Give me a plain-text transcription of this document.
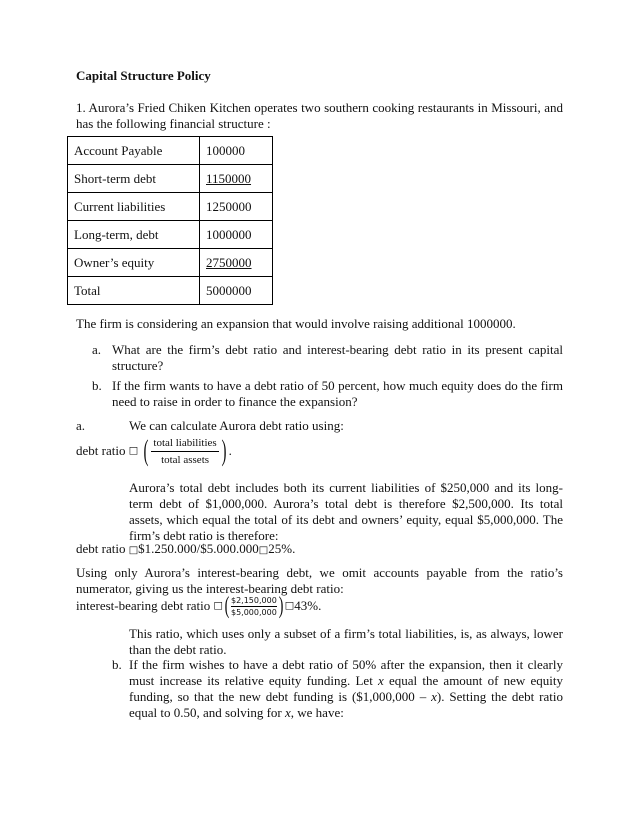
Capital Structure Policy
1. Aurora’s Fried Chiken Kitchen operates two southern cooking restaurants in Missouri, and has the following financial structure :
Account Payable	100000
Short-term debt	1150000
Current liabilities	1250000
Long-term, debt	1000000
Owner’s equity	2750000
Total	5000000
The firm is considering an expansion that would involve raising additional 1000000.
a. What are the firm’s debt ratio and interest-bearing debt ratio in its present capital structure?
b. If the firm wants to have a debt ratio of 50 percent, how much equity does do the firm need to raise in order to finance the expansion?
a.	We can calculate Aurora debt ratio using:
debt ratio □ ( $\frac{\text{total liabilities}}{\text{total assets}}$ ) .
Aurora’s total debt includes both its current liabilities of $250,000 and its long-term debt of $1,000,000. Aurora’s total debt is therefore $2,500,000. Its total assets, which equal the total of its debt and owners’ equity, equal $5,000,000. The firm’s debt ratio is therefore:
debt ratio □$1.250.000/$5.000.000□25%.
Using only Aurora’s interest-bearing debt, we omit accounts payable from the ratio’s numerator, giving us the interest-bearing debt ratio:
interest-bearing debt ratio □( $\frac{\$2,150,000}{\$5,000,000}$ ) □43%.
This ratio, which uses only a subset of a firm’s total liabilities, is, as always, lower than the debt ratio.
b. If the firm wishes to have a debt ratio of 50% after the expansion, then it clearly must increase its relative equity funding. Let x equal the amount of new equity funding, so that the new debt funding is ($1,000,000 – x). Setting the debt ratio equal to 0.50, and solving for x, we have:
